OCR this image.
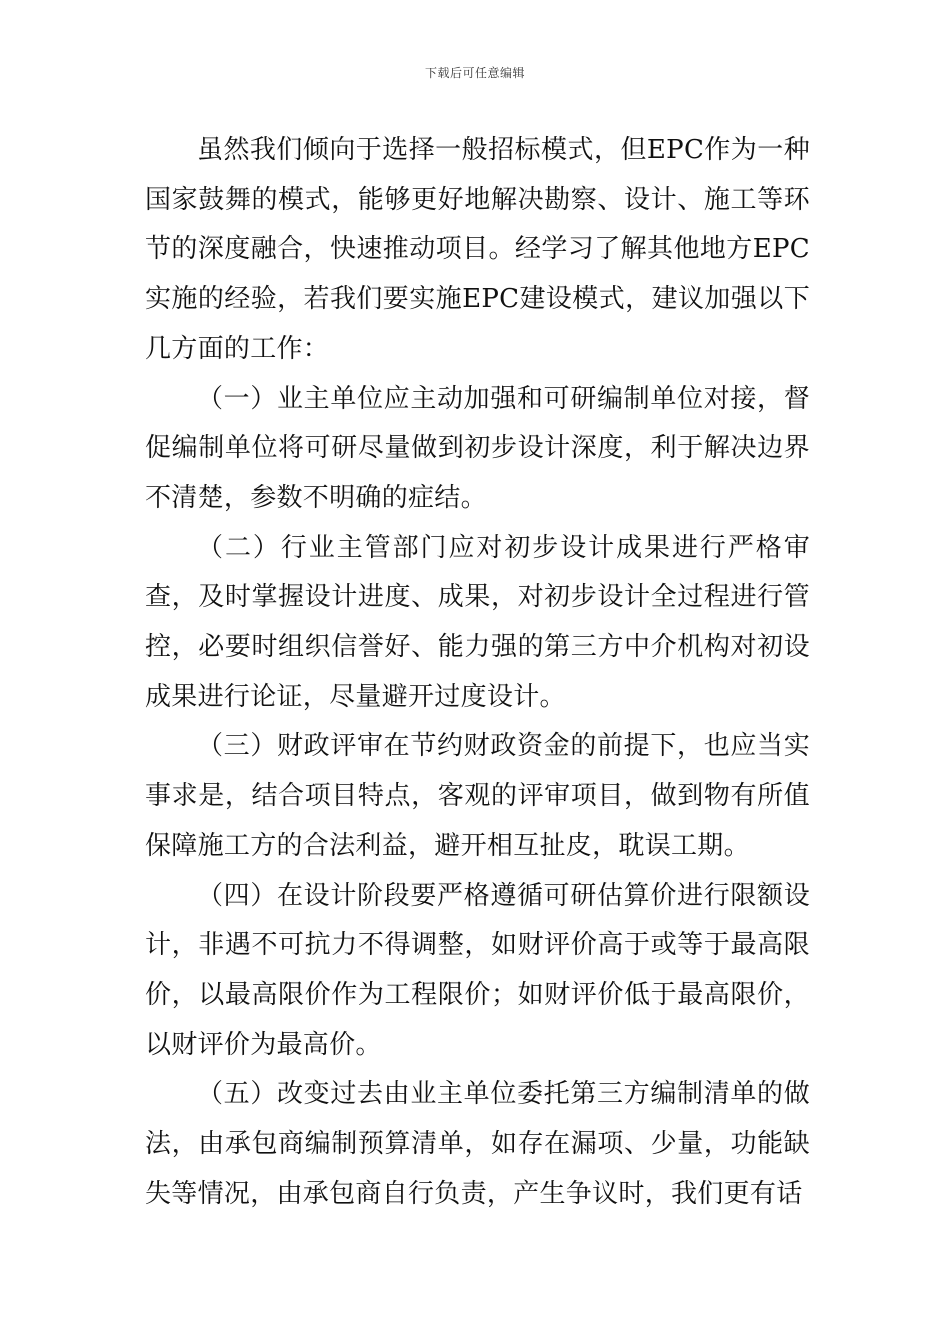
下载后可任意编辑

虽然我们倾向于选择一般招标模式，但EPC作为一种国家鼓舞的模式，能够更好地解决勘察、设计、施工等环节的深度融合，快速推动项目。经学习了解其他地方EPC实施的经验，若我们要实施EPC建设模式，建议加强以下几方面的工作：

（一）业主单位应主动加强和可研编制单位对接，督促编制单位将可研尽量做到初步设计深度，利于解决边界不清楚，参数不明确的症结。

（二）行业主管部门应对初步设计成果进行严格审查，及时掌握设计进度、成果，对初步设计全过程进行管控，必要时组织信誉好、能力强的第三方中介机构对初设成果进行论证，尽量避开过度设计。

（三）财政评审在节约财政资金的前提下，也应当实事求是，结合项目特点，客观的评审项目，做到物有所值保障施工方的合法利益，避开相互扯皮，耽误工期。

（四）在设计阶段要严格遵循可研估算价进行限额设计，非遇不可抗力不得调整，如财评价高于或等于最高限价，以最高限价作为工程限价；如财评价低于最高限价，以财评价为最高价。

（五）改变过去由业主单位委托第三方编制清单的做法，由承包商编制预算清单，如存在漏项、少量，功能缺失等情况，由承包商自行负责，产生争议时，我们更有话
